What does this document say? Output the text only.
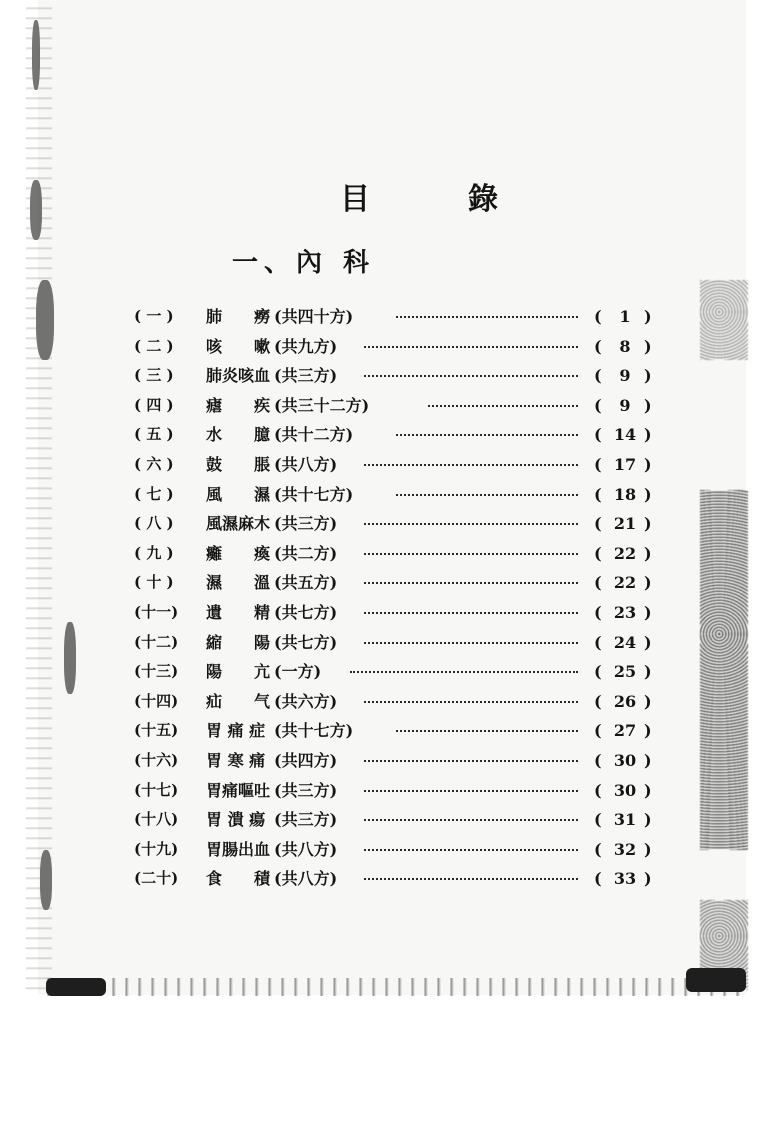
目　錄
一、內 科
( 一 )	肺　　癆 (共四十方)	(	1 )
( 二 )	咳　　嗽 (共九方)	(	8 )
( 三 )	肺炎咳血 (共三方)	(	9 )
( 四 )	瘧　　疾 (共三十二方)	(	9 )
( 五 )	水　　臆 (共十二方)	( 14 )
( 六 )	鼓　　脹 (共八方)	( 17 )
( 七 )	風　　濕 (共十七方)	( 18 )
( 八 )	風濕麻木 (共三方)	( 21 )
( 九 )	癱　　瘓 (共二方)	( 22 )
( 十 )	濕　　溫 (共五方)	( 22 )
(十一)	遺　　精 (共七方)	( 23 )
(十二)	縮　　陽 (共七方)	( 24 )
(十三)	陽　　亢 (一方)	( 25 )
(十四)	疝　　气 (共六方)	( 26 )
(十五)	胃 痛 症 (共十七方)	( 27 )
(十六)	胃 寒 痛 (共四方)	( 30 )
(十七)	胃痛嘔吐 (共三方)	( 30 )
(十八)	胃 潰 瘍 (共三方)	( 31 )
(十九)	胃腸出血 (共八方)	( 32 )
(二十)	食　　積 (共八方)	( 33 )
